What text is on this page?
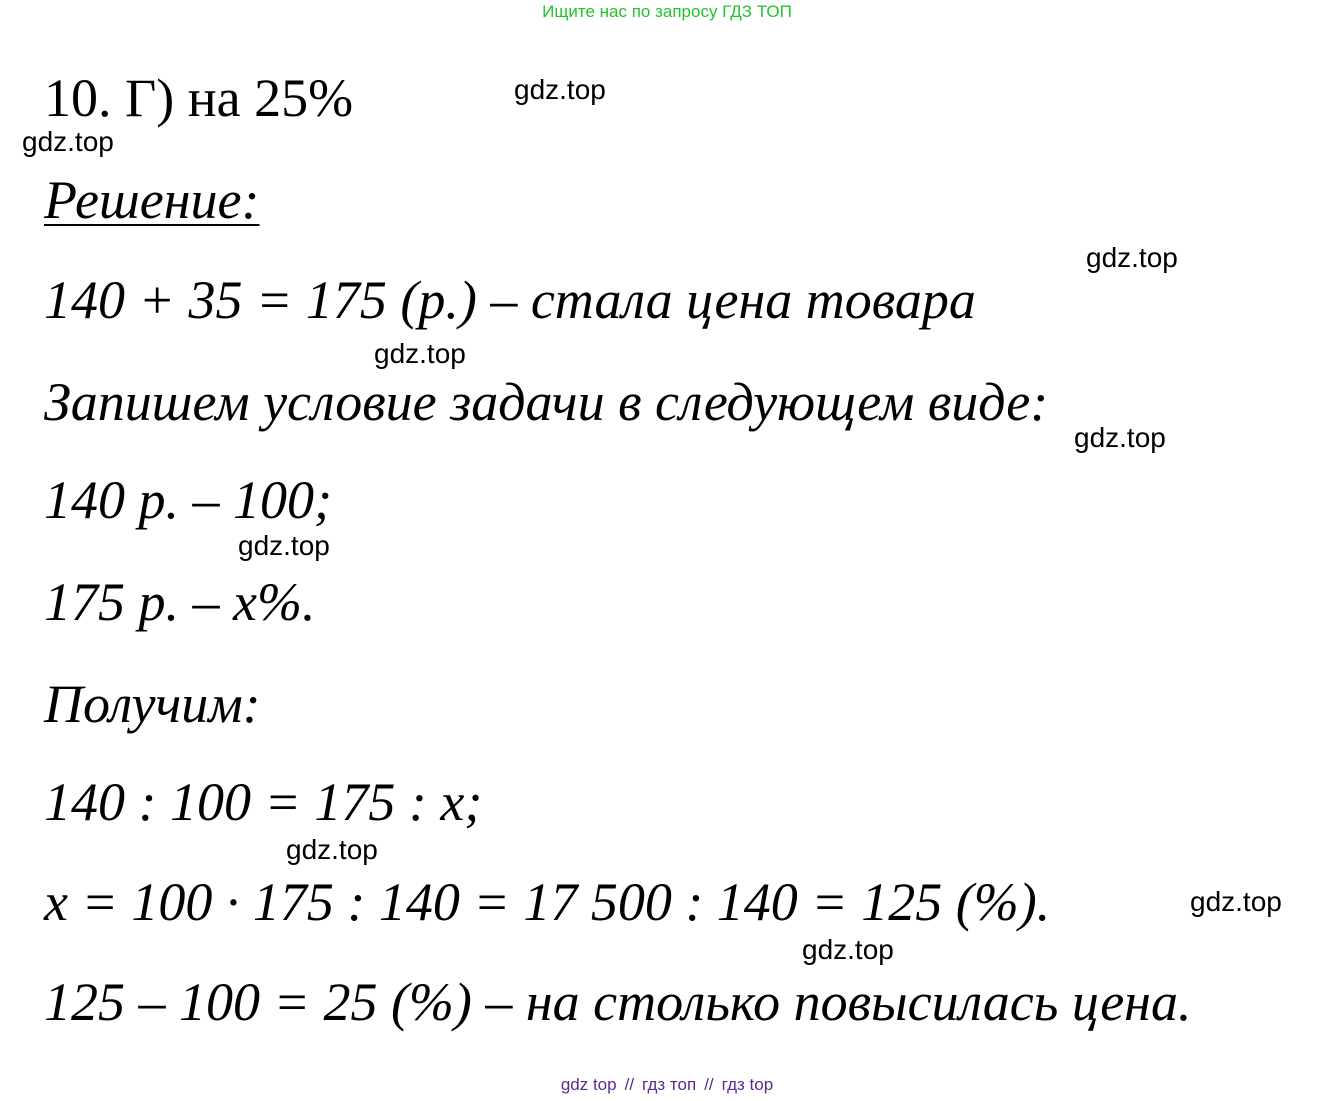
Ищите нас по запросу ГДЗ ТОП
10. Г) на 25%	gdz.top
gdz.top
Решение:
gdz.top
140 + 35 = 175 (р.) – стала цена товара
gdz.top
Запишем условие задачи в следующем виде:
gdz.top
140 р. – 100;
gdz.top
175 р. – x%.
Получим:
140 : 100 = 175 : x;
gdz.top
x = 100 · 175 : 140 = 17 500 : 140 = 125 (%).	gdz.top
gdz.top
125 – 100 = 25 (%) – на столько повысилась цена.
gdz top // гдз топ // гдз top
